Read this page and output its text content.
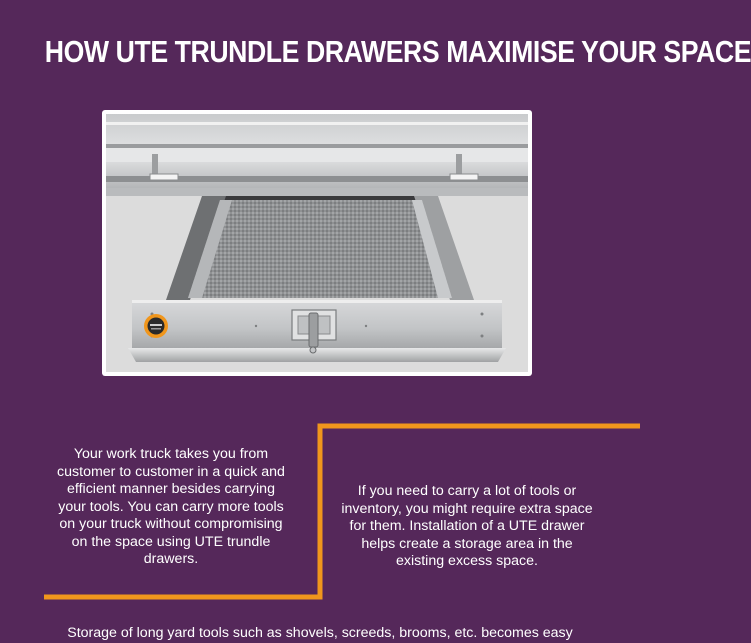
HOW UTE TRUNDLE DRAWERS MAXIMISE YOUR SPACE
Your work truck takes you from customer to customer in a quick and efficient manner besides carrying your tools. You can carry more tools on your truck without compromising on the space using UTE trundle drawers.
If you need to carry a lot of tools or inventory, you might require extra space for them. Installation of a UTE drawer helps create a storage area in the existing excess space.
Storage of long yard tools such as shovels, screeds, brooms, etc. becomes easy
